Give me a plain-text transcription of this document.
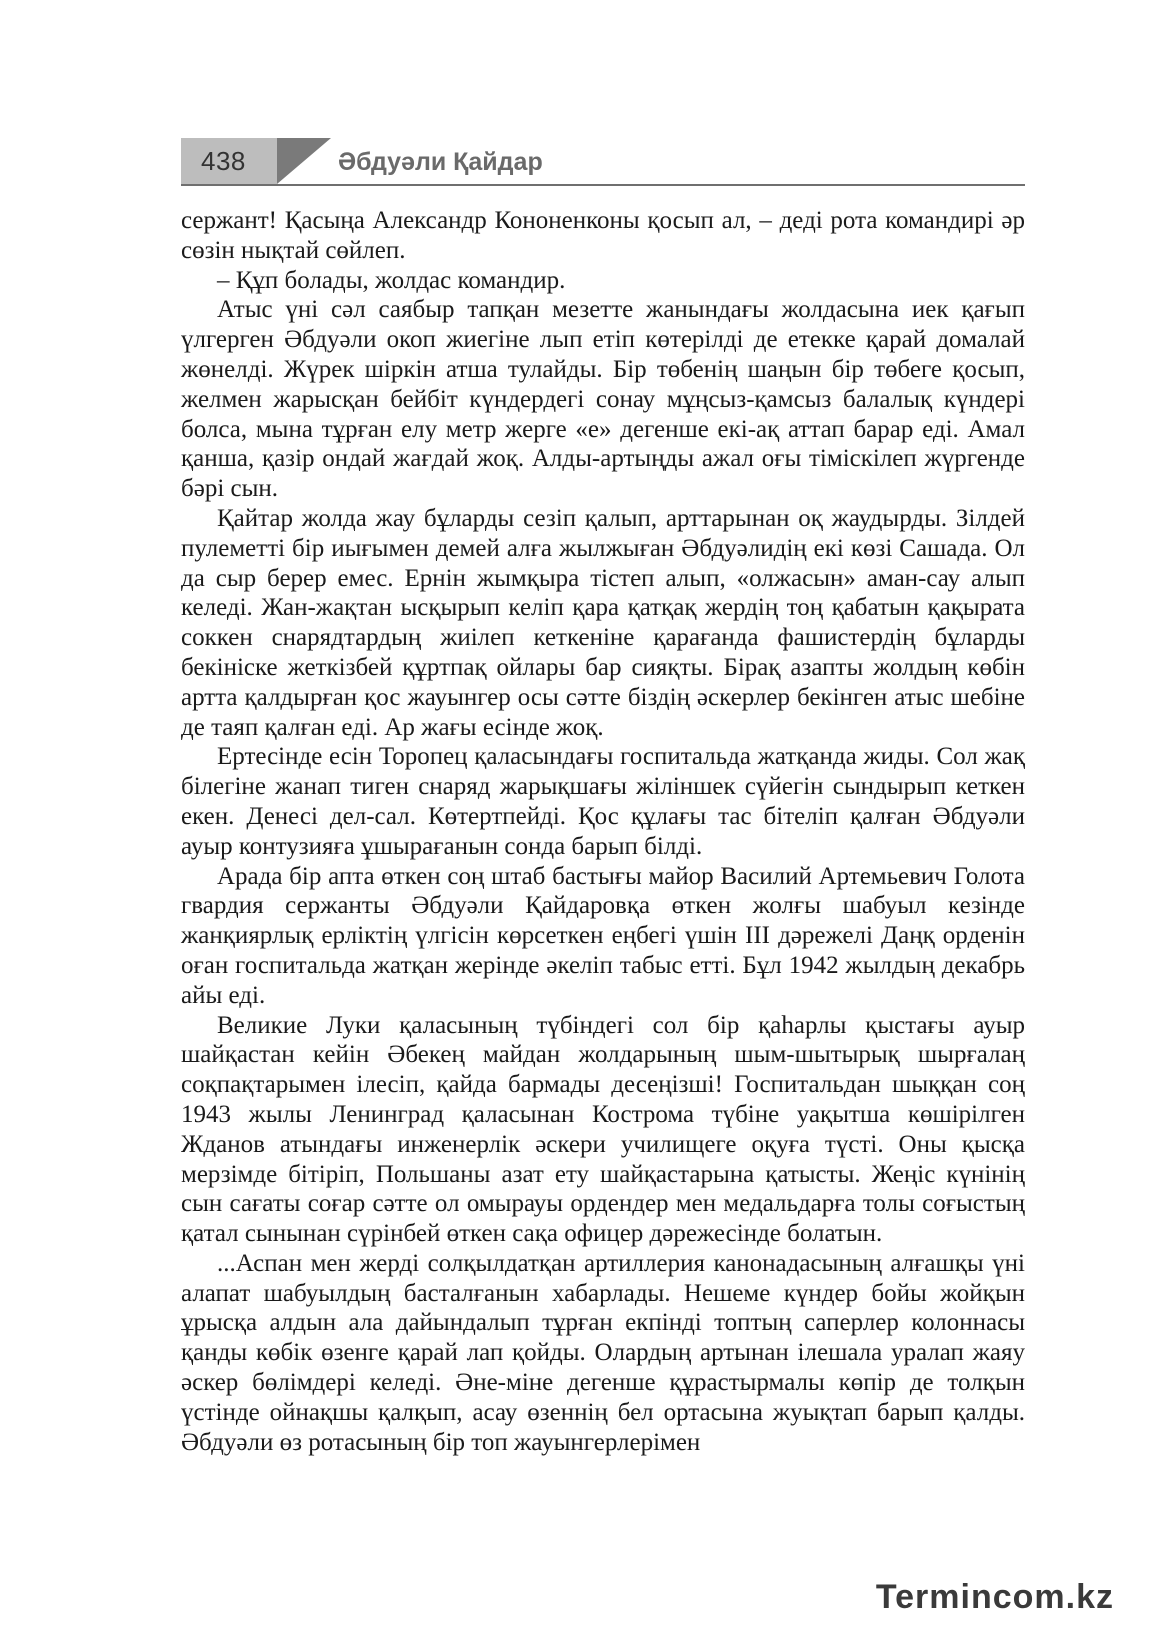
438	Әбдуәли Қайдар

сержант! Қасыңа Александр Кононенконы қосып ал, – деді рота командирі әр сөзін нықтай сөйлеп.

– Құп болады, жолдас командир.

Атыс үні сәл саябыр тапқан мезетте жанындағы жолдасына иек қағып үлгерген Әбдуәли окоп жиегіне лып етіп көтерілді де етекке қарай домалай жөнелді. Жүрек шіркін атша тулайды. Бір төбенің шаңын бір төбеге қосып, желмен жарысқан бейбіт күндердегі сонау мұңсыз-қамсыз балалық күндері болса, мына тұрған елу метр жерге «е» дегенше екі-ақ аттап барар еді. Амал қанша, қазір ондай жағдай жоқ. Алды-артыңды ажал оғы тіміскілеп жүргенде бәрі сын.

Қайтар жолда жау бұларды сезіп қалып, арттарынан оқ жаудырды. Зілдей пулеметті бір иығымен демей алға жылжыған Әбдуәлидің екі көзі Сашада. Ол да сыр берер емес. Ернін жымқыра тістеп алып, «олжасын» аман-сау алып келеді. Жан-жақтан ысқырып келіп қара қатқақ жердің тоң қабатын қақырата соккен снарядтардың жиілеп кеткеніне қарағанда фашистердің бұларды бекініске жеткізбей құртпақ ойлары бар сияқты. Бірақ азапты жолдың көбін артта қалдырған қос жауынгер осы сәтте біздің әскерлер бекінген атыс шебіне де таяп қалған еді. Ар жағы есінде жоқ.

Ертесінде есін Торопец қаласындағы госпитальда жатқанда жиды. Сол жақ білегіне жанап тиген снаряд жарықшағы жіліншек сүйегін сындырып кеткен екен. Денесі дел-сал. Көтертпейді. Қос құлағы тас бітеліп қалған Әбдуәли ауыр контузияға ұшырағанын сонда барып білді.

Арада бір апта өткен соң штаб бастығы майор Василий Артемьевич Голота гвардия сержанты Әбдуәли Қайдаровқа өткен жолғы шабуыл кезінде жанқиярлық ерліктің үлгісін көрсеткен еңбегі үшін III дәрежелі Даңқ орденін оған госпитальда жатқан жерінде әкеліп табыс етті. Бұл 1942 жылдың декабрь айы еді.

Великие Луки қаласының түбіндегі сол бір қаһарлы қыстағы ауыр шайқастан кейін Әбекең майдан жолдарының шым-шытырық шырғалаң соқпақтарымен ілесіп, қайда бармады десеңізші! Госпитальдан шыққан соң 1943 жылы Ленинград қаласынан Кострома түбіне уақытша көшірілген Жданов атындағы инженерлік әскери училищеге оқуға түсті. Оны қысқа мерзімде бітіріп, Польшаны азат ету шайқастарына қатысты. Жеңіс күнінің сын сағаты соғар сәтте ол омырауы ордендер мен медальдарға толы соғыстың қатал сынынан сүрінбей өткен сақа офицер дәрежесінде болатын.

...Аспан мен жерді солқылдатқан артиллерия канонадасының алғашқы үні алапат шабуылдың басталғанын хабарлады. Нешеме күндер бойы жойқын ұрысқа алдын ала дайындалып тұрған екпінді топтың саперлер колоннасы қанды көбік өзенге қарай лап қойды. Олардың артынан ілешала уралап жаяу әскер бөлімдері келеді. Әне-міне дегенше құрастырмалы көпір де толқын үстінде ойнақшы қалқып, асау өзеннің бел ортасына жуықтап барып қалды. Әбдуәли өз ротасының бір топ жауынгерлерімен

Termincom.kz
